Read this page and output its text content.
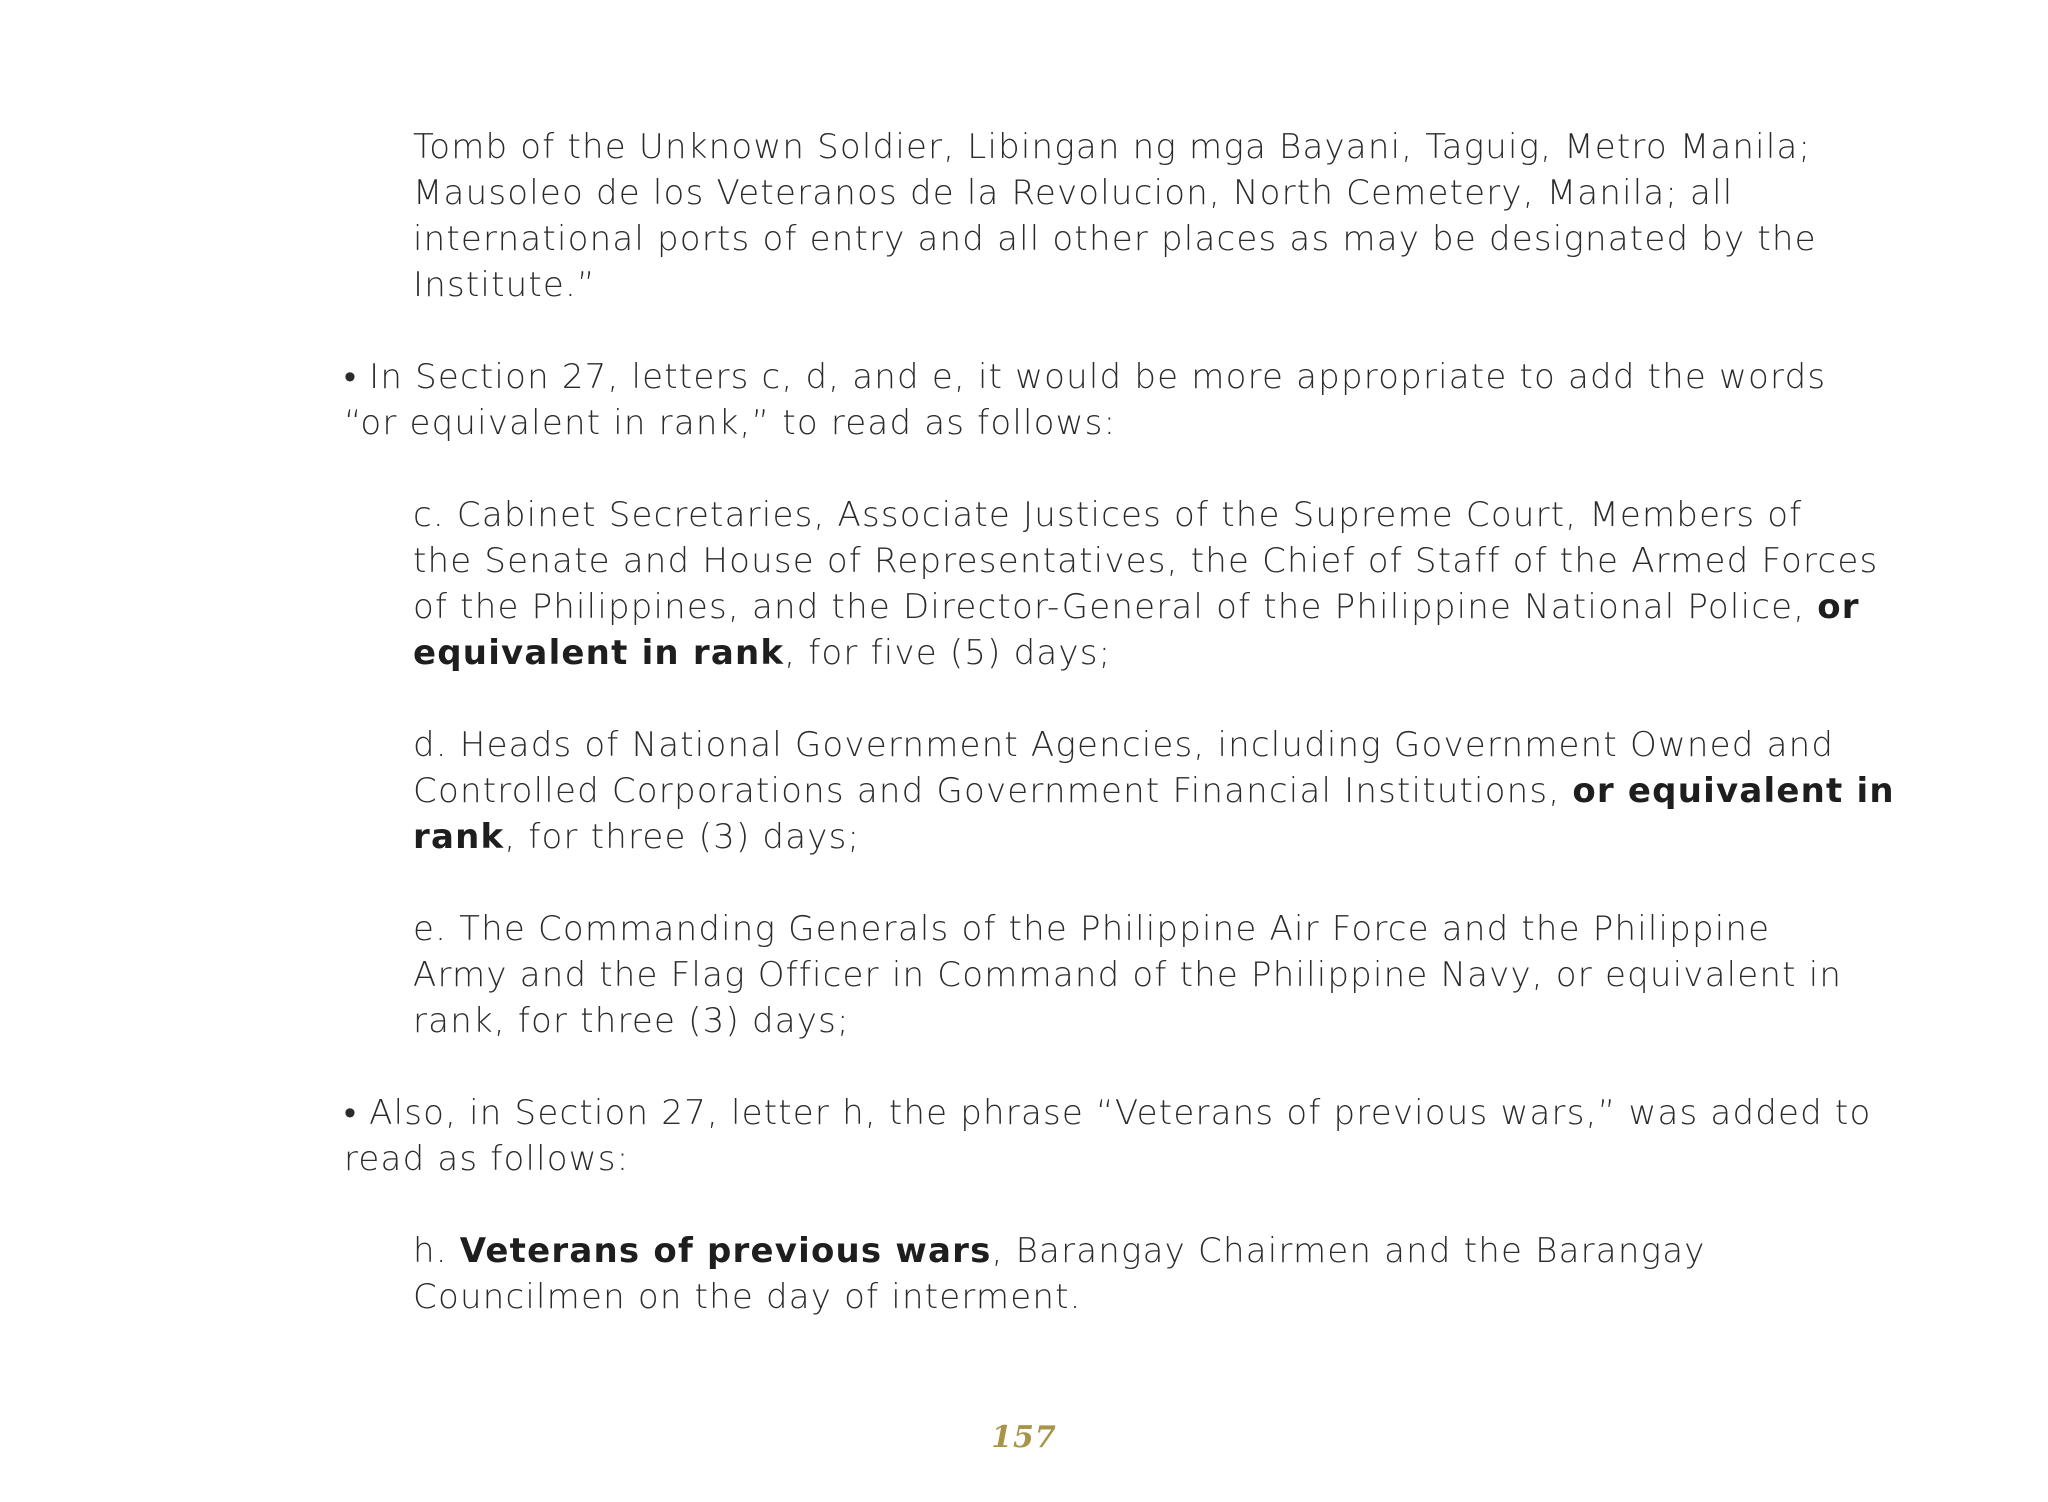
Tomb of the Unknown Soldier, Libingan ng mga Bayani, Taguig, Metro Manila;
Mausoleo de los Veteranos de la Revolucion, North Cemetery, Manila; all
international ports of entry and all other places as may be designated by the
Institute.”
• In Section 27, letters c, d, and e, it would be more appropriate to add the words
“or equivalent in rank,” to read as follows:
c. Cabinet Secretaries, Associate Justices of the Supreme Court, Members of
the Senate and House of Representatives, the Chief of Staff of the Armed Forces
of the Philippines, and the Director-General of the Philippine National Police, or
equivalent in rank, for five (5) days;
d. Heads of National Government Agencies, including Government Owned and
Controlled Corporations and Government Financial Institutions, or equivalent in
rank, for three (3) days;
e. The Commanding Generals of the Philippine Air Force and the Philippine
Army and the Flag Officer in Command of the Philippine Navy, or equivalent in
rank, for three (3) days;
• Also, in Section 27, letter h, the phrase “Veterans of previous wars,” was added to
read as follows:
h. Veterans of previous wars, Barangay Chairmen and the Barangay
Councilmen on the day of interment.
157
